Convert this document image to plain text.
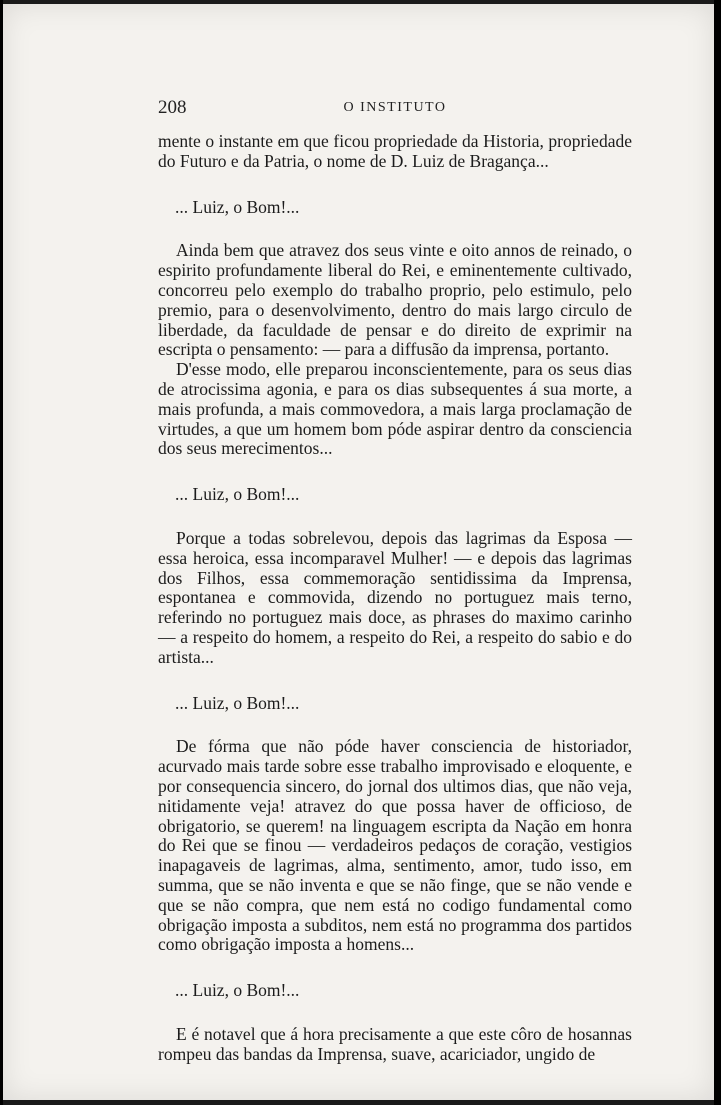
208	O INSTITUTO

mente o instante em que ficou propriedade da Historia, propriedade do Futuro e da Patria, o nome de D. Luiz de Bragança...

... Luiz, o Bom!...

Ainda bem que atravez dos seus vinte e oito annos de reinado, o espirito profundamente liberal do Rei, e eminentemente cultivado, concorreu pelo exemplo do trabalho proprio, pelo estimulo, pelo premio, para o desenvolvimento, dentro do mais largo circulo de liberdade, da faculdade de pensar e do direito de exprimir na escripta o pensamento: — para a diffusão da imprensa, portanto.

D'esse modo, elle preparou inconscientemente, para os seus dias de atrocissima agonia, e para os dias subsequentes á sua morte, a mais profunda, a mais commovedora, a mais larga proclamação de virtudes, a que um homem bom póde aspirar dentro da consciencia dos seus merecimentos...

... Luiz, o Bom!...

Porque a todas sobrelevou, depois das lagrimas da Esposa — essa heroica, essa incomparavel Mulher! — e depois das lagrimas dos Filhos, essa commemoração sentidissima da Imprensa, espontanea e commovida, dizendo no portuguez mais terno, referindo no portuguez mais doce, as phrases do maximo carinho — a respeito do homem, a respeito do Rei, a respeito do sabio e do artista...

... Luiz, o Bom!...

De fórma que não póde haver consciencia de historiador, acurvado mais tarde sobre esse trabalho improvisado e eloquente, e por consequencia sincero, do jornal dos ultimos dias, que não veja, nitidamente veja! atravez do que possa haver de officioso, de obrigatorio, se querem! na linguagem escripta da Nação em honra do Rei que se finou — verdadeiros pedaços de coração, vestigios inapagaveis de lagrimas, alma, sentimento, amor, tudo isso, em summa, que se não inventa e que se não finge, que se não vende e que se não compra, que nem está no codigo fundamental como obrigação imposta a subditos, nem está no programma dos partidos como obrigação imposta a homens...

... Luiz, o Bom!...

E é notavel que á hora precisamente a que este côro de hosannas rompeu das bandas da Imprensa, suave, acariciador, ungido de
